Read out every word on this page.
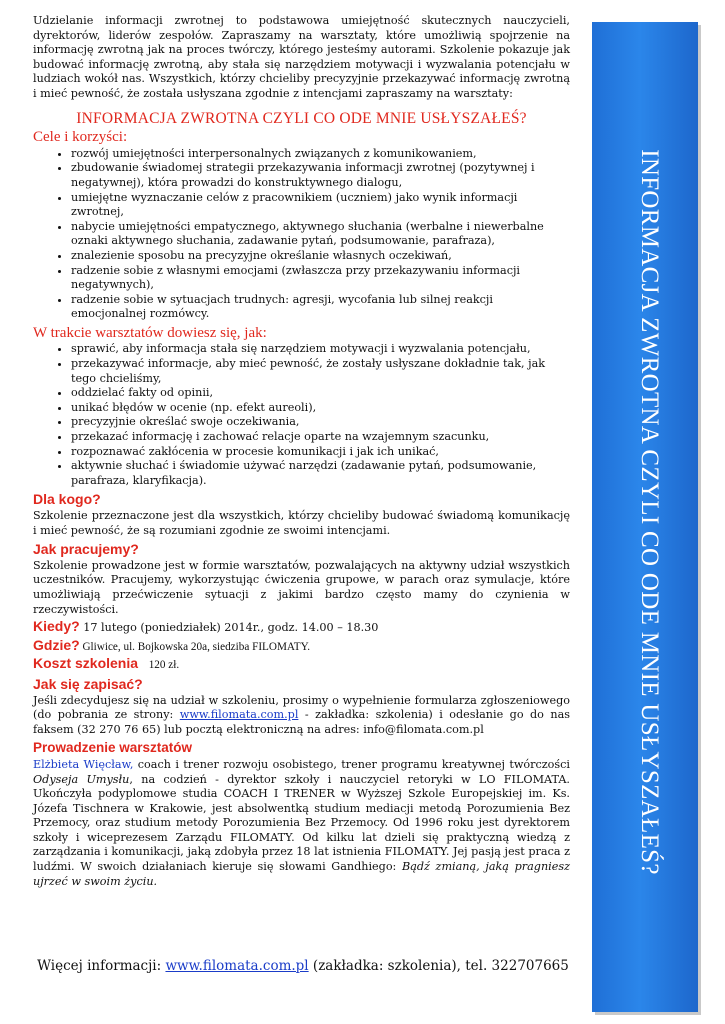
Udzielanie informacji zwrotnej to podstawowa umiejętność skutecznych nauczycieli, dyrektorów, liderów zespołów. Zapraszamy na warsztaty, które umożliwią spojrzenie na informację zwrotną jak na proces twórczy, którego jesteśmy autorami. Szkolenie pokazuje jak budować informację zwrotną, aby stała się narzędziem motywacji i wyzwalania potencjału w ludziach wokół nas. Wszystkich, którzy chcieliby precyzyjnie przekazywać informację zwrotną i mieć pewność, że została usłyszana zgodnie z intencjami zapraszamy na warsztaty:

INFORMACJA ZWROTNA CZYLI CO ODE MNIE USŁYSZAŁEŚ?
Cele i korzyści:
• rozwój umiejętności interpersonalnych związanych z komunikowaniem,
• zbudowanie świadomej strategii przekazywania informacji zwrotnej (pozytywnej i negatywnej), która prowadzi do konstruktywnego dialogu,
• umiejętne wyznaczanie celów z pracownikiem (uczniem) jako wynik informacji zwrotnej,
• nabycie umiejętności empatycznego, aktywnego słuchania (werbalne i niewerbalne oznaki aktywnego słuchania, zadawanie pytań, podsumowanie, parafraza),
• znalezienie sposobu na precyzyjne określanie własnych oczekiwań,
• radzenie sobie z własnymi emocjami (zwłaszcza przy przekazywaniu informacji negatywnych),
• radzenie sobie w sytuacjach trudnych: agresji, wycofania lub silnej reakcji emocjonalnej rozmówcy.
W trakcie warsztatów dowiesz się, jak:
• sprawić, aby informacja stała się narzędziem motywacji i wyzwalania potencjału,
• przekazywać informacje, aby mieć pewność, że zostały usłyszane dokładnie tak, jak tego chcieliśmy,
• oddzielać fakty od opinii,
• unikać błędów w ocenie (np. efekt aureoli),
• precyzyjnie określać swoje oczekiwania,
• przekazać informację i zachować relacje oparte na wzajemnym szacunku,
• rozpoznawać zakłócenia w procesie komunikacji i jak ich unikać,
• aktywnie słuchać i świadomie używać narzędzi (zadawanie pytań, podsumowanie, parafraza, klaryfikacja).
Dla kogo?

Szkolenie przeznaczone jest dla wszystkich, którzy chcieliby budować świadomą komunikację i mieć pewność, że są rozumiani zgodnie ze swoimi intencjami.

Jak pracujemy?

Szkolenie prowadzone jest w formie warsztatów, pozwalających na aktywny udział wszystkich uczestników. Pracujemy, wykorzystując ćwiczenia grupowe, w parach oraz symulacje, które umożliwiają przećwiczenie sytuacji z jakimi bardzo często mamy do czynienia w rzeczywistości.

Kiedy? 17 lutego (poniedziałek) 2014r., godz. 14.00 – 18.30
Gdzie? Gliwice, ul. Bojkowska 20a, siedziba FILOMATY.
Koszt szkolenia 120 zł.
Jak się zapisać?

Jeśli zdecydujesz się na udział w szkoleniu, prosimy o wypełnienie formularza zgłoszeniowego (do pobrania ze strony: www.filomata.com.pl - zakładka: szkolenia) i odesłanie go do nas faksem (32 270 76 65) lub pocztą elektroniczną na adres: info@filomata.com.pl

Prowadzenie warsztatów

Elżbieta Więcław, coach i trener rozwoju osobistego, trener programu kreatywnej twórczości Odyseja Umysłu, na codzień - dyrektor szkoły i nauczyciel retoryki w LO FILOMATA. Ukończyła podyplomowe studia COACH I TRENER w Wyższej Szkole Europejskiej im. Ks. Józefa Tischnera w Krakowie, jest absolwentką studium mediacji metodą Porozumienia Bez Przemocy, oraz studium metody Porozumienia Bez Przemocy. Od 1996 roku jest dyrektorem szkoły i wiceprezesem Zarządu FILOMATY. Od kilku lat dzieli się praktyczną wiedzą z zarządzania i komunikacji, jaką zdobyła przez 18 lat istnienia FILOMATY. Jej pasją jest praca z ludźmi. W swoich działaniach kieruje się słowami Gandhiego: Bądź zmianą, jaką pragniesz ujrzeć w swoim życiu.

Więcej informacji: www.filomata.com.pl (zakładka: szkolenia), tel. 322707665
INFORMACJA ZWROTNA CZYLI CO ODE MNIE USŁYSZAŁEŚ?
